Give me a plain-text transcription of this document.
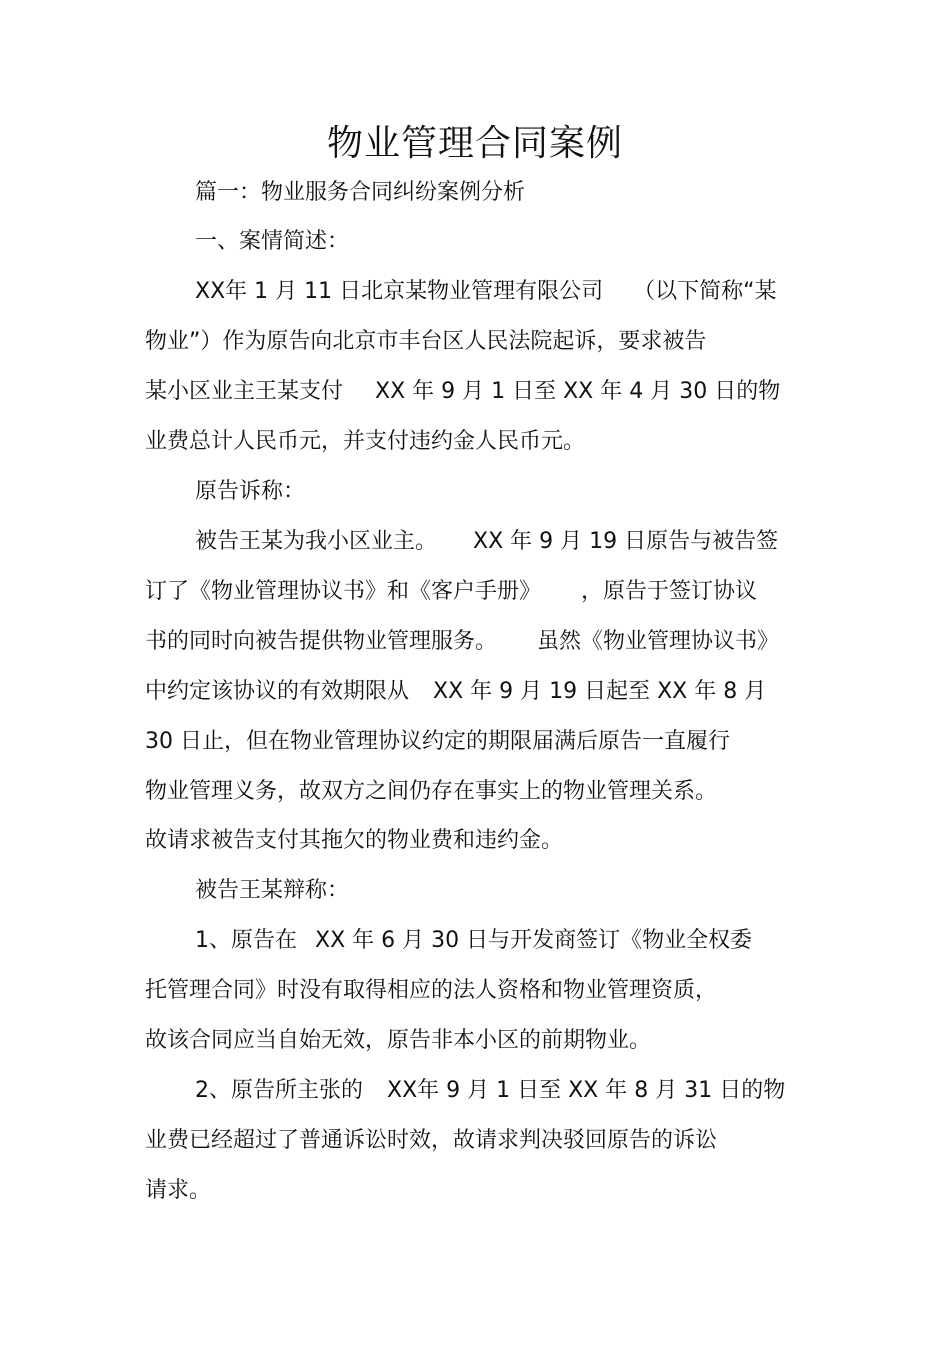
物业管理合同案例
篇一：物业服务合同纠纷案例分析
一、案情简述：
XX年 1 月 11 日北京某物业管理有限公司 （以下简称“某
物业”）作为原告向北京市丰台区人民法院起诉，要求被告
某小区业主王某支付 XX 年 9 月 1 日至 XX 年 4 月 30 日的物
业费总计人民币元，并支付违约金人民币元。
原告诉称：
被告王某为我小区业主。 XX 年 9 月 19 日原告与被告签
订了《物业管理协议书》和《客户手册》 ，原告于签订协议
书的同时向被告提供物业管理服务。 虽然《物业管理协议书》
中约定该协议的有效期限从 XX 年 9 月 19 日起至 XX 年 8 月
30 日止，但在物业管理协议约定的期限届满后原告一直履行
物业管理义务，故双方之间仍存在事实上的物业管理关系。
故请求被告支付其拖欠的物业费和违约金。
被告王某辩称：
1、原告在 XX 年 6 月 30 日与开发商签订《物业全权委
托管理合同》时没有取得相应的法人资格和物业管理资质，
故该合同应当自始无效，原告非本小区的前期物业。
2、原告所主张的 XX年 9 月 1 日至 XX 年 8 月 31 日的物
业费已经超过了普通诉讼时效，故请求判决驳回原告的诉讼
请求。
